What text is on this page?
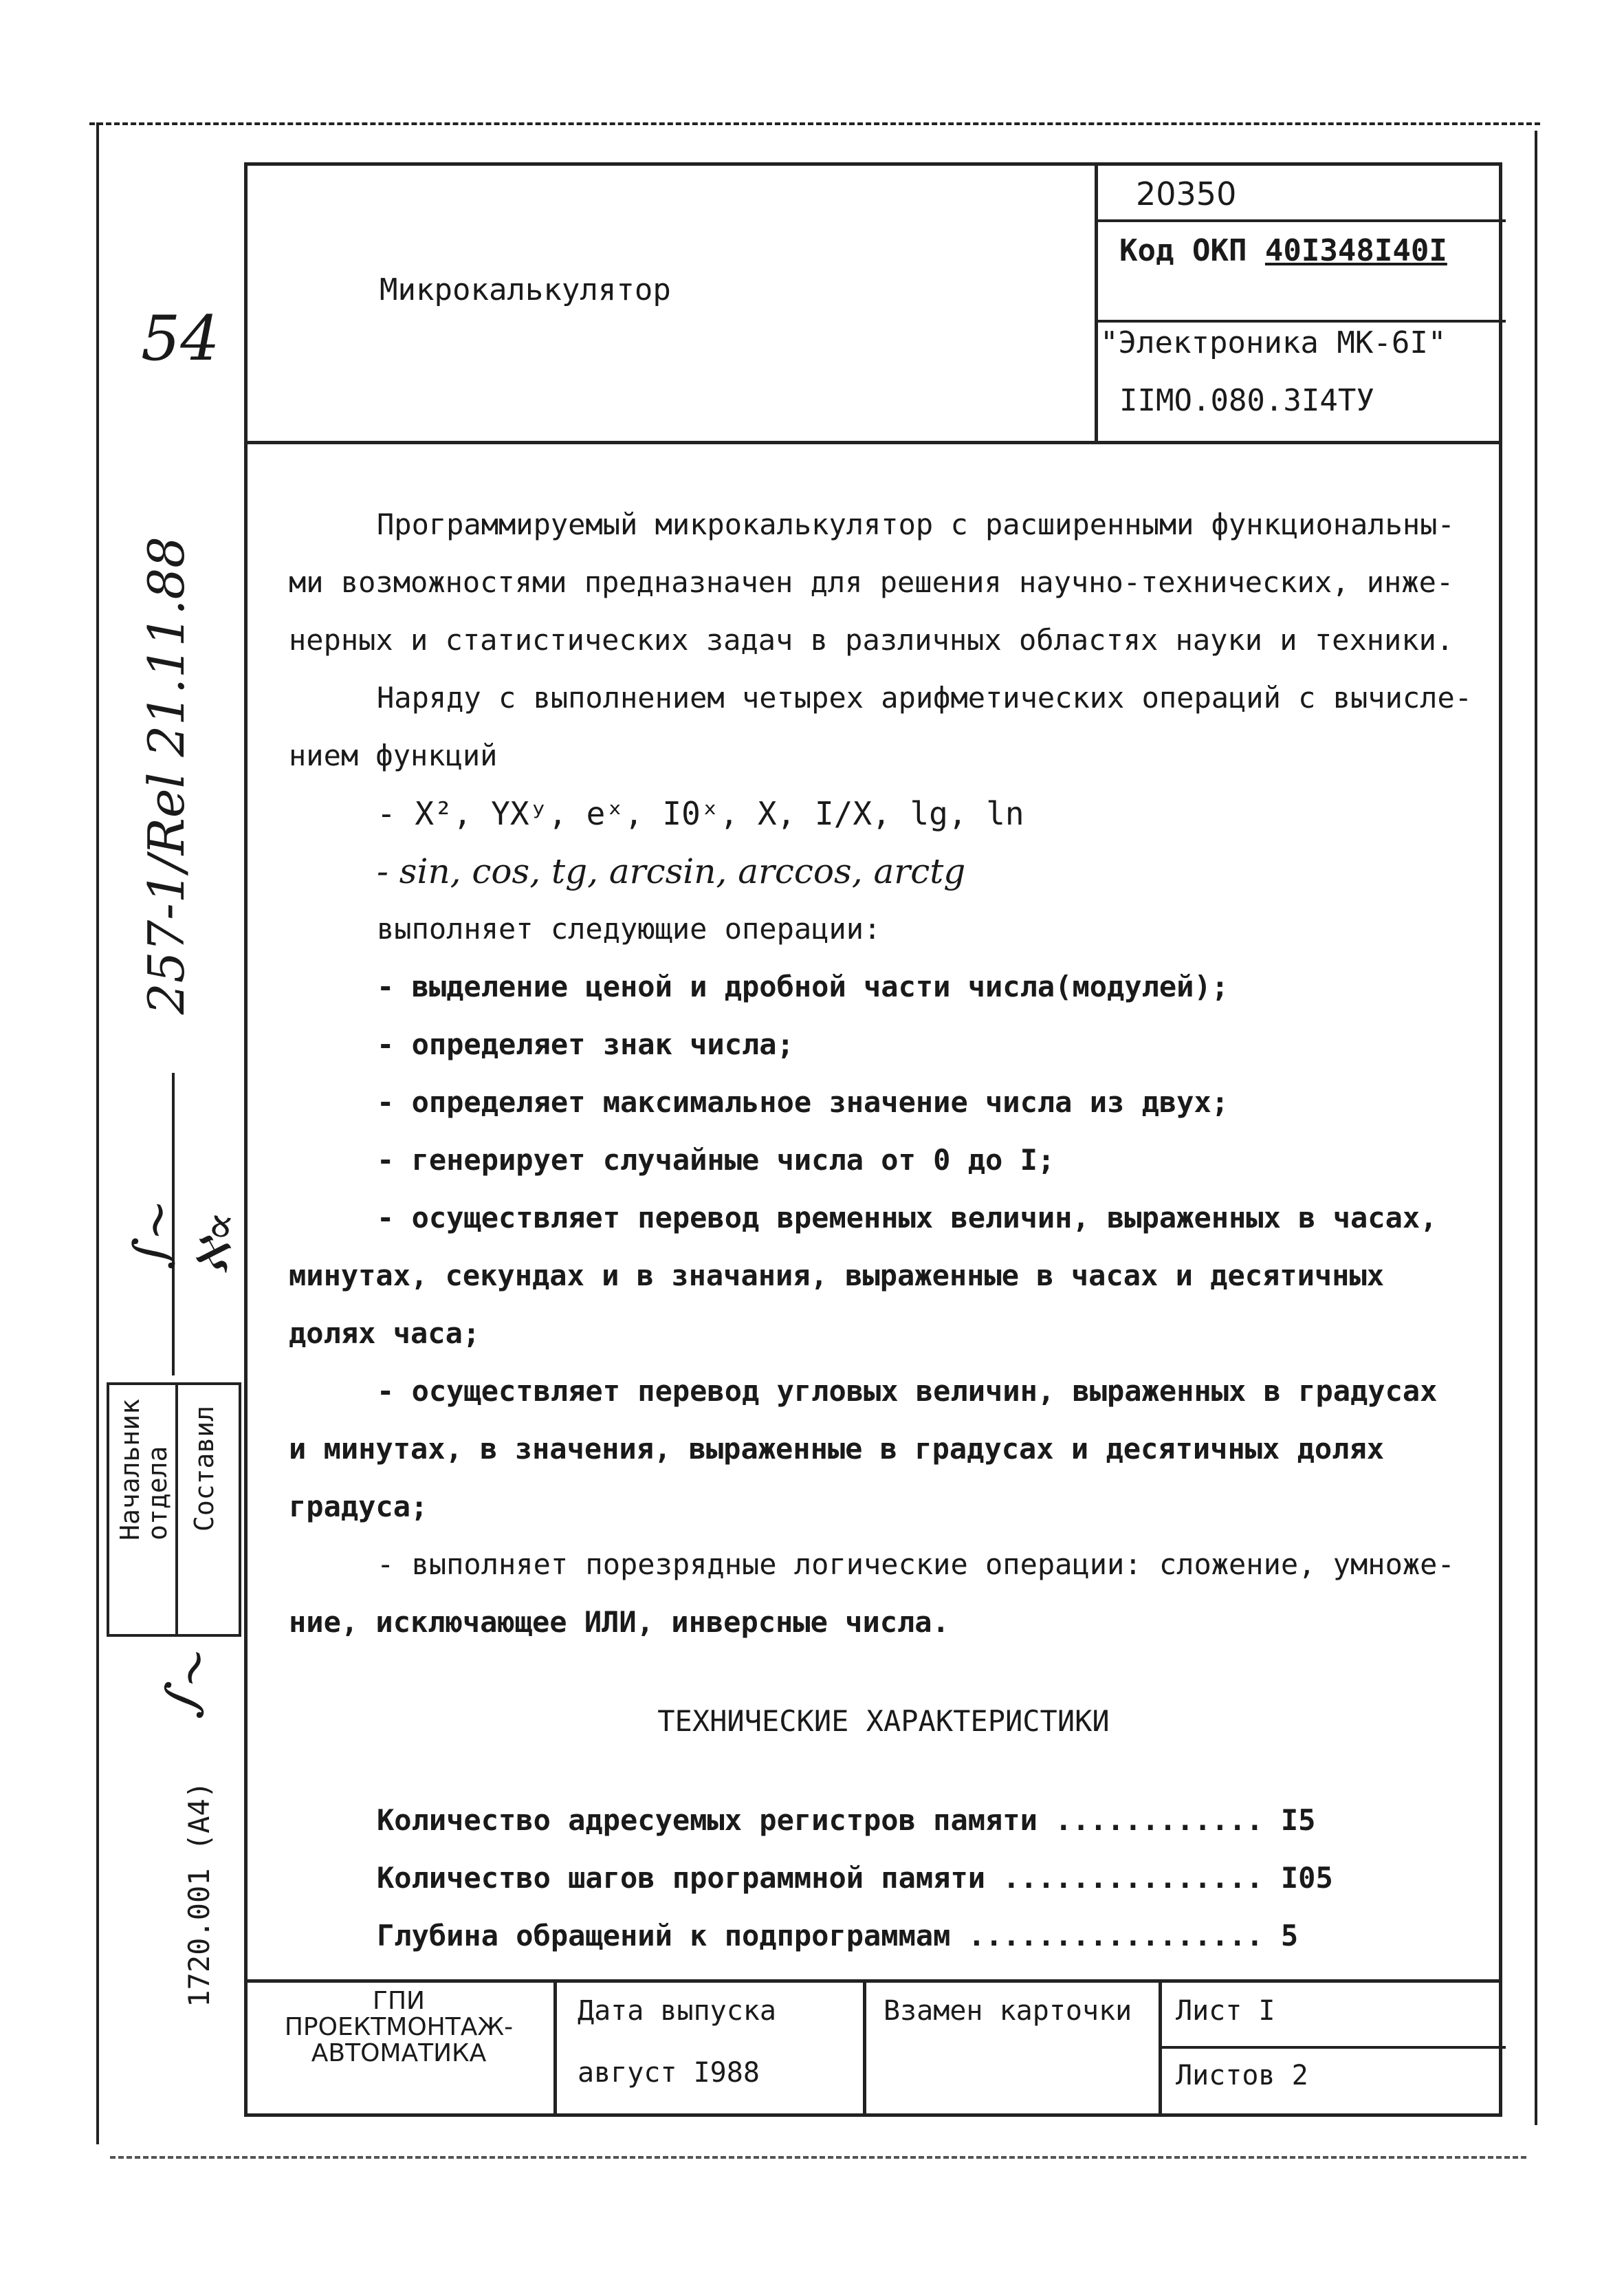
54
257-1/Rel 21.11.88
Начальник
отдела Составил
∫~
ℵ∝
∫~
1720.001 (A4)
Микрокалькулятор
20350
Код ОКП 40I348I40I
"Электроника МК-6I"
IIМО.080.3I4ТУ

Программируемый микрокалькулятор с расширенными функциональны-

ми возможностями предназначен для решения научно-технических, инже-

нерных и статистических задач в различных областях науки и техники.

Наряду с выполнением четырех арифметических операций с вычисле-

нием функций

- X², YXʸ, eˣ, I0ˣ, X, I/X, lg, ln

- sin, cos, tg, arcsin, arccos, arctg

выполняет следующие операции:

- выделение ценой и дробной части числа(модулей);

- определяет знак числа;

- определяет максимальное значение числа из двух;

- генерирует случайные числа от 0 до I;

- осуществляет перевод временных величин, выраженных в часах,

минутах, секундах и в значания, выраженные в часах и десятичных

долях часа;

- осуществляет перевод угловых величин, выраженных в градусах

и минутах, в значения, выраженные в градусах и десятичных долях

градуса;

- выполняет порезрядные логические операции: сложение, умноже-

ние, исключающее ИЛИ, инверсные числа.

ТЕХНИЧЕСКИЕ ХАРАКТЕРИСТИКИ

Количество адресуемых регистров памяти ............ I5

Количество шагов программной памяти ............... I05

Глубина обращений к подпрограммам ................. 5

ГПИ
ПРОЕКТМОНТАЖ-
АВТОМАТИКА
Дата выпуска
август I988
Взамен карточки Лист I
Листов 2
